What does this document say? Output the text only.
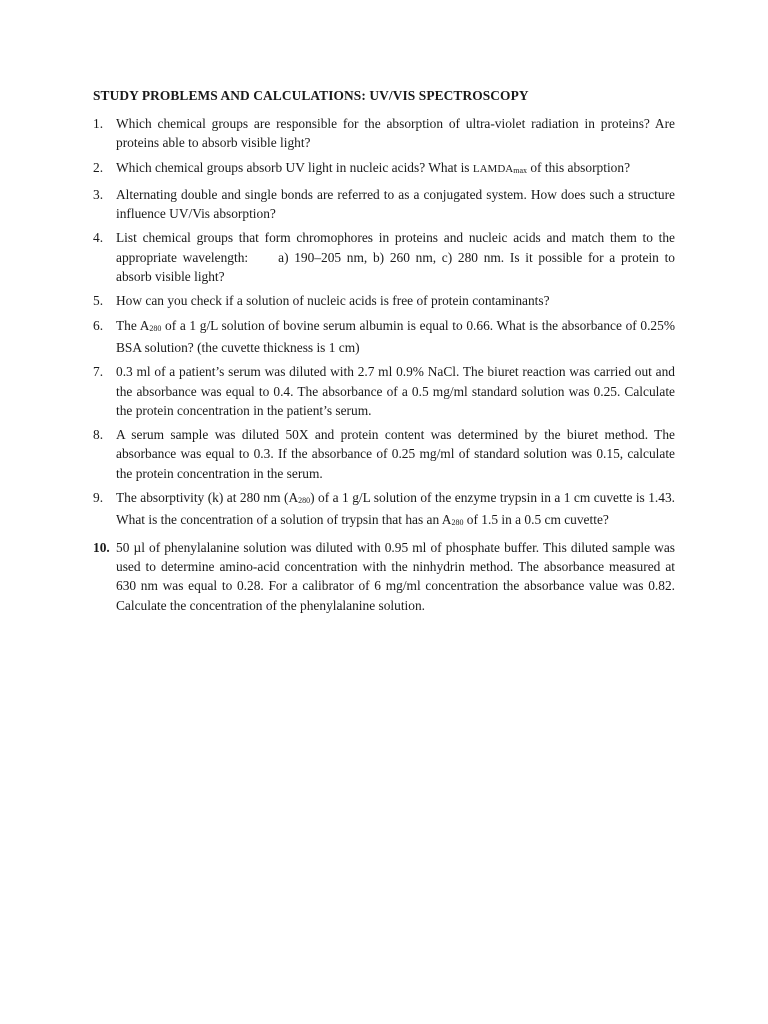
STUDY PROBLEMS AND CALCULATIONS: UV/VIS SPECTROSCOPY
1. Which chemical groups are responsible for the absorption of ultra-violet radiation in proteins? Are proteins able to absorb visible light?
2. Which chemical groups absorb UV light in nucleic acids? What is LAMDAmax of this absorption?
3. Alternating double and single bonds are referred to as a conjugated system. How does such a structure influence UV/Vis absorption?
4. List chemical groups that form chromophores in proteins and nucleic acids and match them to the appropriate wavelength: a) 190–205 nm, b) 260 nm, c) 280 nm. Is it possible for a protein to absorb visible light?
5. How can you check if a solution of nucleic acids is free of protein contaminants?
6. The A280 of a 1 g/L solution of bovine serum albumin is equal to 0.66. What is the absorbance of 0.25% BSA solution? (the cuvette thickness is 1 cm)
7. 0.3 ml of a patient’s serum was diluted with 2.7 ml 0.9% NaCl. The biuret reaction was carried out and the absorbance was equal to 0.4. The absorbance of a 0.5 mg/ml standard solution was 0.25. Calculate the protein concentration in the patient’s serum.
8. A serum sample was diluted 50X and protein content was determined by the biuret method. The absorbance was equal to 0.3. If the absorbance of 0.25 mg/ml of standard solution was 0.15, calculate the protein concentration in the serum.
9. The absorptivity (k) at 280 nm (A280) of a 1 g/L solution of the enzyme trypsin in a 1 cm cuvette is 1.43. What is the concentration of a solution of trypsin that has an A280 of 1.5 in a 0.5 cm cuvette?
10. 50 µl of phenylalanine solution was diluted with 0.95 ml of phosphate buffer. This diluted sample was used to determine amino-acid concentration with the ninhydrin method. The absorbance measured at 630 nm was equal to 0.28. For a calibrator of 6 mg/ml concentration the absorbance value was 0.82. Calculate the concentration of the phenylalanine solution.
